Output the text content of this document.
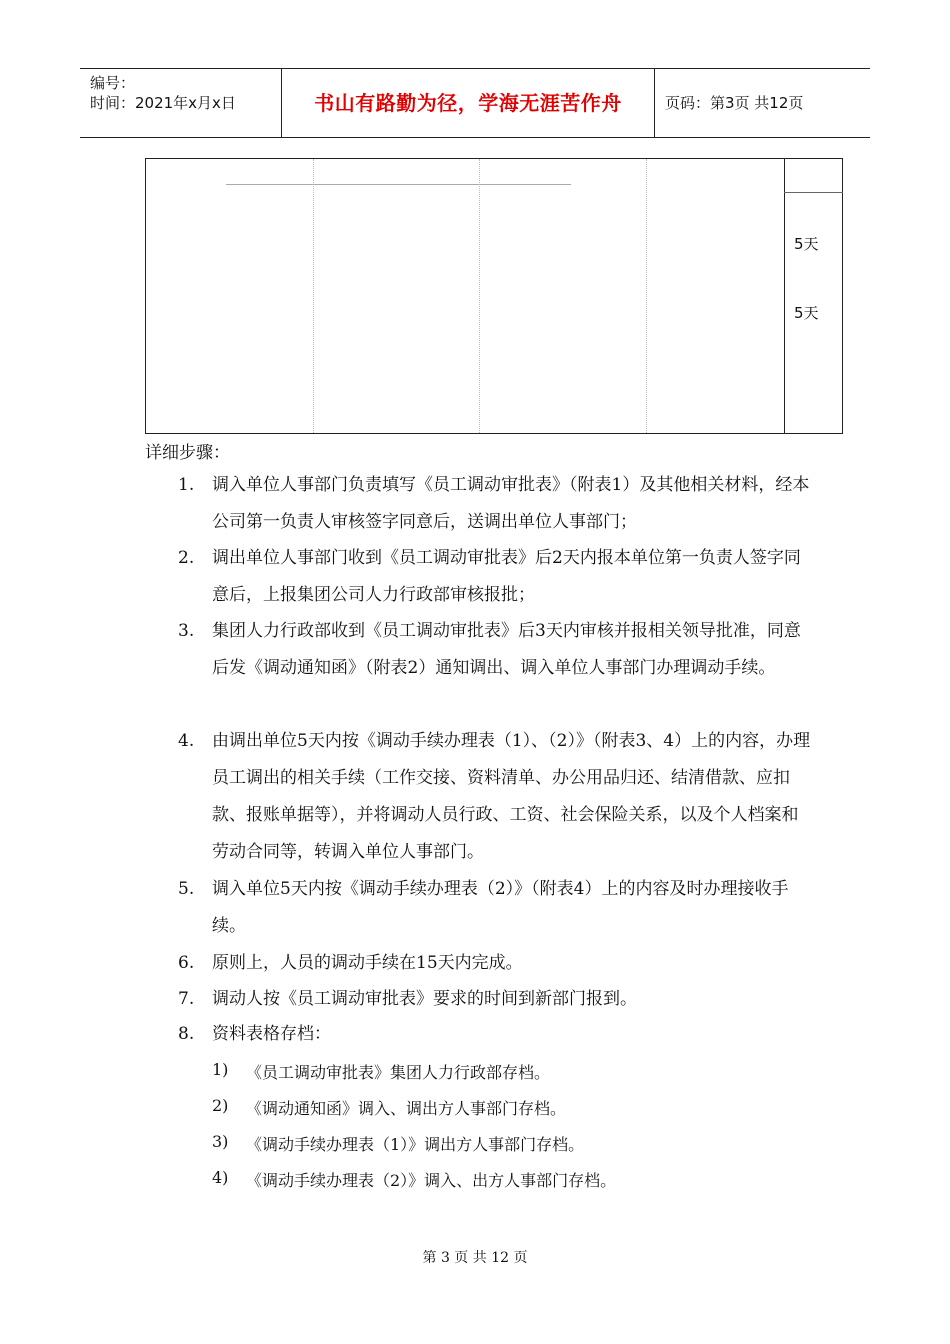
编号：
时间：2021年x月x日	书山有路勤为径，学海无涯苦作舟	页码：第3页 共12页
5天
5天
详细步骤：
1. 调入单位人事部门负责填写《员工调动审批表》（附表1）及其他相关材料，经本公司第一负责人审核签字同意后，送调出单位人事部门；
2. 调出单位人事部门收到《员工调动审批表》后2天内报本单位第一负责人签字同意后，上报集团公司人力行政部审核报批；
3. 集团人力行政部收到《员工调动审批表》后3天内审核并报相关领导批准，同意后发《调动通知函》（附表2）通知调出、调入单位人事部门办理调动手续。
4. 由调出单位5天内按《调动手续办理表（1）、（2）》（附表3、4）上的内容，办理员工调出的相关手续（工作交接、资料清单、办公用品归还、结清借款、应扣款、报账单据等），并将调动人员行政、工资、社会保险关系，以及个人档案和劳动合同等，转调入单位人事部门。
5. 调入单位5天内按《调动手续办理表（2）》（附表4）上的内容及时办理接收手续。
6. 原则上，人员的调动手续在15天内完成。
7. 调动人按《员工调动审批表》要求的时间到新部门报到。
8. 资料表格存档：
1) 《员工调动审批表》集团人力行政部存档。
2) 《调动通知函》调入、调出方人事部门存档。
3) 《调动手续办理表（1）》调出方人事部门存档。
4) 《调动手续办理表（2）》调入、出方人事部门存档。
第 3 页 共 12 页
